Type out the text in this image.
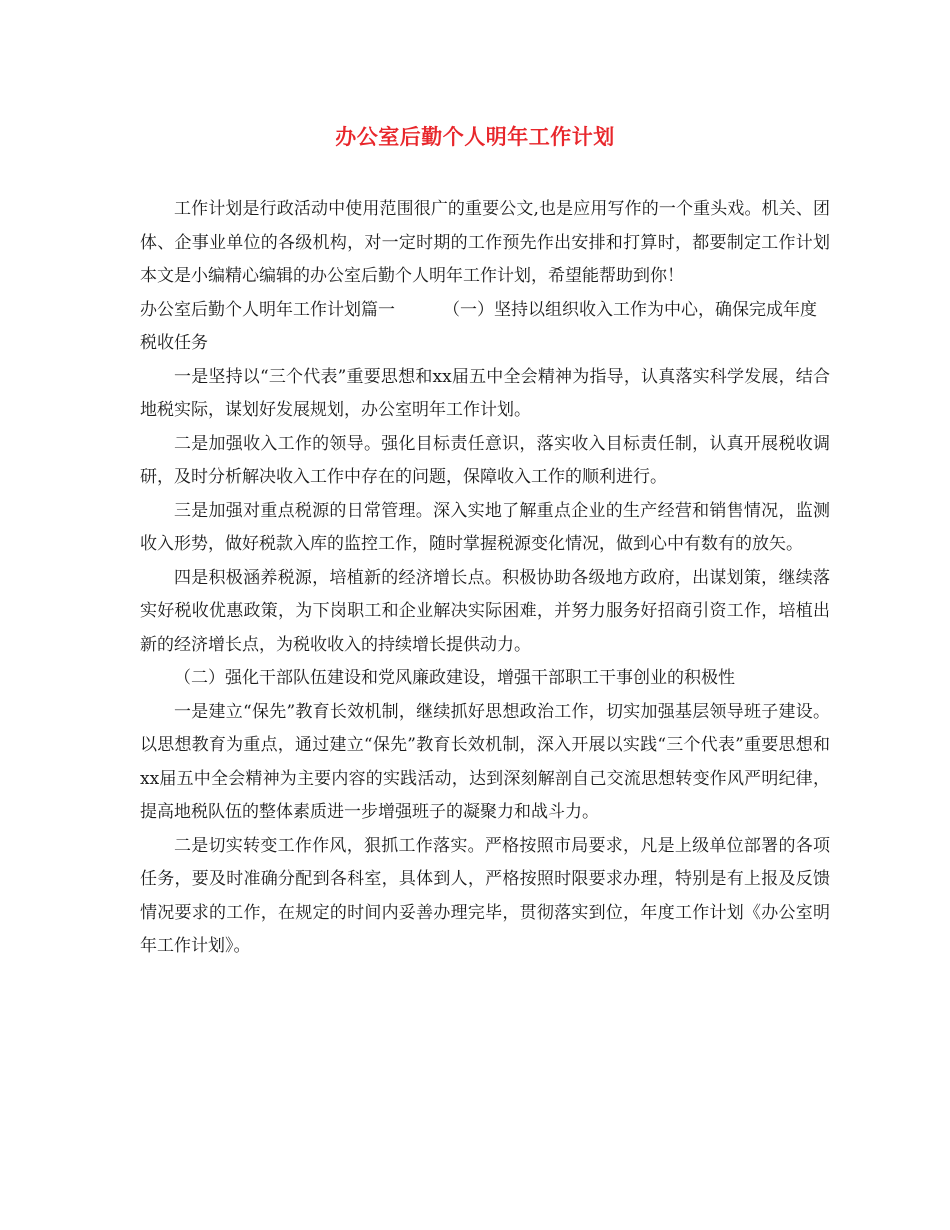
办公室后勤个人明年工作计划

工作计划是行政活动中使用范围很广的重要公文,也是应用写作的一个重头戏。机关、团体、企事业单位的各级机构，对一定时期的工作预先作出安排和打算时，都要制定工作计划本文是小编精心编辑的办公室后勤个人明年工作计划，希望能帮助到你！

办公室后勤个人明年工作计划篇一	（一）坚持以组织收入工作为中心，确保完成年度税收任务

一是坚持以“三个代表”重要思想和xx届五中全会精神为指导，认真落实科学发展，结合地税实际，谋划好发展规划，办公室明年工作计划。

二是加强收入工作的领导。强化目标责任意识，落实收入目标责任制，认真开展税收调研，及时分析解决收入工作中存在的问题，保障收入工作的顺利进行。

三是加强对重点税源的日常管理。深入实地了解重点企业的生产经营和销售情况，监测收入形势，做好税款入库的监控工作，随时掌握税源变化情况，做到心中有数有的放矢。

四是积极涵养税源，培植新的经济增长点。积极协助各级地方政府，出谋划策，继续落实好税收优惠政策，为下岗职工和企业解决实际困难，并努力服务好招商引资工作，培植出新的经济增长点，为税收收入的持续增长提供动力。

（二）强化干部队伍建设和党风廉政建设，增强干部职工干事创业的积极性

一是建立“保先”教育长效机制，继续抓好思想政治工作，切实加强基层领导班子建设。以思想教育为重点，通过建立“保先”教育长效机制，深入开展以实践“三个代表”重要思想和xx届五中全会精神为主要内容的实践活动，达到深刻解剖自己交流思想转变作风严明纪律，提高地税队伍的整体素质进一步增强班子的凝聚力和战斗力。

二是切实转变工作作风，狠抓工作落实。严格按照市局要求，凡是上级单位部署的各项任务，要及时准确分配到各科室，具体到人，严格按照时限要求办理，特别是有上报及反馈情况要求的工作，在规定的时间内妥善办理完毕，贯彻落实到位，年度工作计划《办公室明年工作计划》。
